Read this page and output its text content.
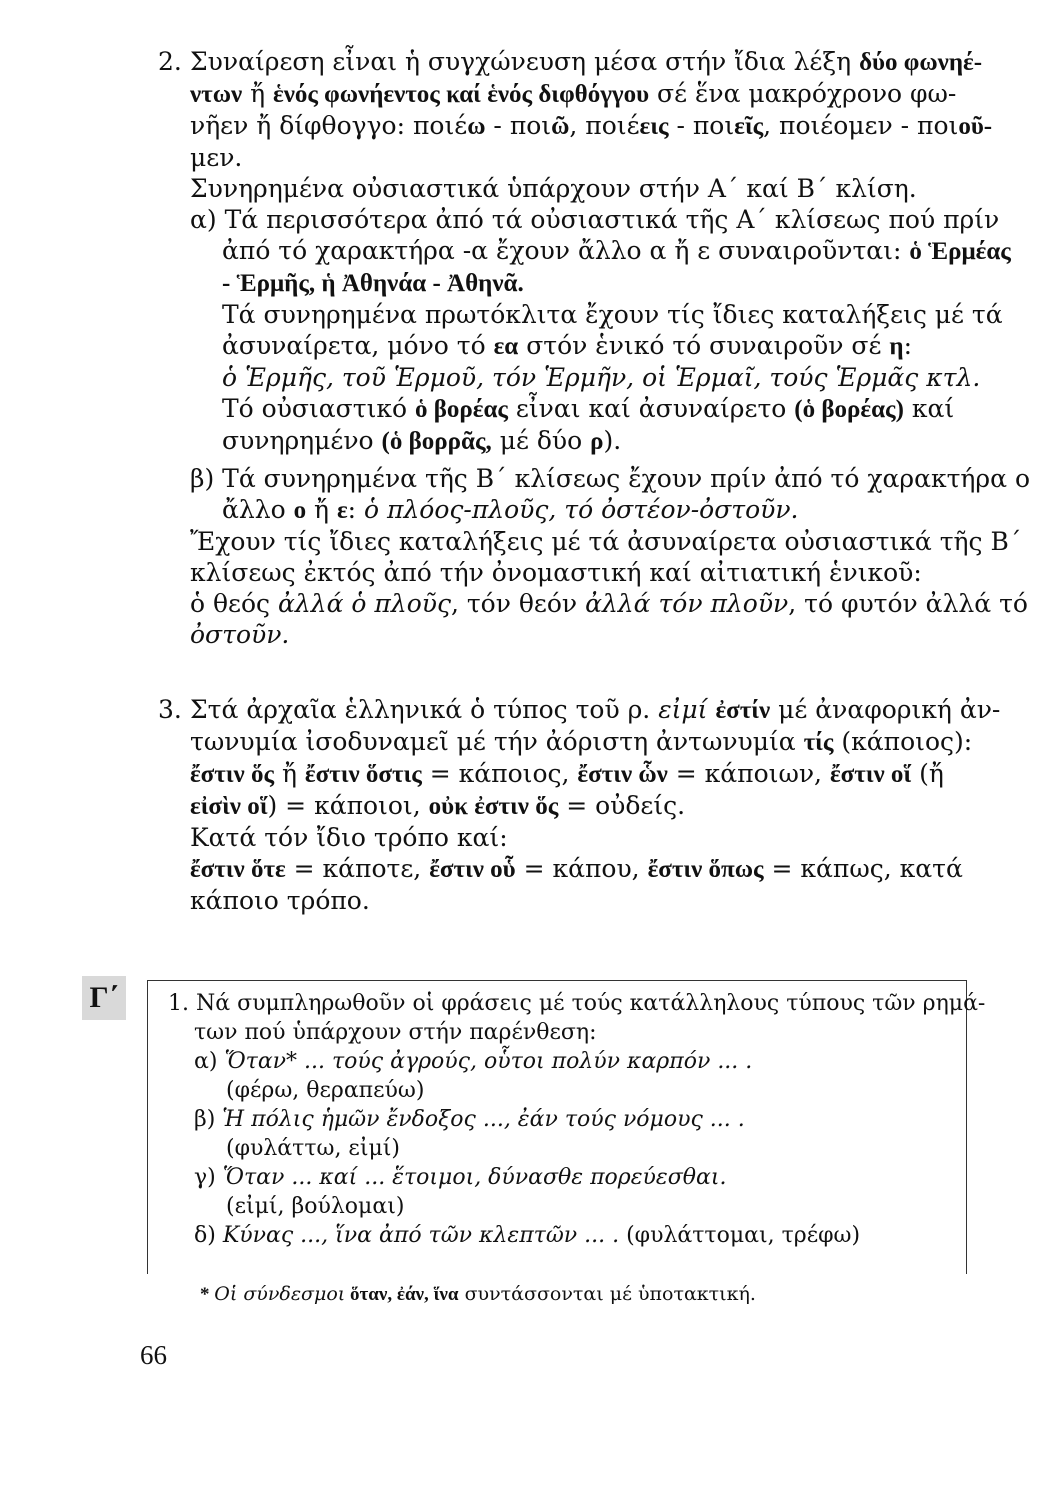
2. Συναίρεση εἶναι ἡ συγχώνευση μέσα στήν ἴδια λέξη δύο φωνηέ-
ντων ἤ ἑνός φωνήεντος καί ἑνός διφθόγγου σέ ἕνα μακρόχρονο φω-
νῆεν ἤ δίφθογγο: ποιέω - ποιῶ, ποιέεις - ποιεῖς, ποιέομεν - ποιοῦ-
μεν.
Συνηρημένα οὐσιαστικά ὑπάρχουν στήν Α΄ καί Β΄ κλίση.
α) Τά περισσότερα ἀπό τά οὐσιαστικά τῆς Α΄ κλίσεως πού πρίν
ἀπό τό χαρακτήρα -α ἔχουν ἄλλο α ἤ ε συναιροῦνται: ὁ Ἑρμέας
- Ἑρμῆς, ἡ Ἀθηνάα - Ἀθηνᾶ.
Τά συνηρημένα πρωτόκλιτα ἔχουν τίς ἴδιες καταλήξεις μέ τά
ἀσυναίρετα, μόνο τό εα στόν ἑνικό τό συναιροῦν σέ η:
ὁ Ἑρμῆς, τοῦ Ἑρμοῦ, τόν Ἑρμῆν, οἱ Ἑρμαῖ, τούς Ἑρμᾶς κτλ.
Τό οὐσιαστικό ὁ βορέας εἶναι καί ἀσυναίρετο (ὁ βορέας) καί
συνηρημένο (ὁ βορρᾶς, μέ δύο ρ).
β) Τά συνηρημένα τῆς Β΄ κλίσεως ἔχουν πρίν ἀπό τό χαρακτήρα ο
ἄλλο ο ἤ ε: ὁ πλόος-πλοῦς, τό ὀστέον-ὀστοῦν.
Ἔχουν τίς ἴδιες καταλήξεις μέ τά ἀσυναίρετα οὐσιαστικά τῆς Β΄
κλίσεως ἐκτός ἀπό τήν ὀνομαστική καί αἰτιατική ἑνικοῦ:
ὁ θεός ἀλλά ὁ πλοῦς, τόν θεόν ἀλλά τόν πλοῦν, τό φυτόν ἀλλά τό
ὀστοῦν.
3. Στά ἀρχαῖα ἑλληνικά ὁ τύπος τοῦ ρ. εἰμί ἐστίν μέ ἀναφορική ἀν-
τωνυμία ἰσοδυναμεῖ μέ τήν ἀόριστη ἀντωνυμία τίς (κάποιος):
ἔστιν ὅς ἤ ἔστιν ὅστις = κάποιος, ἔστιν ὧν = κάποιων, ἔστιν οἵ (ἤ
εἰσὶν οἵ) = κάποιοι, οὐκ ἐστιν ὅς = οὐδείς.
Κατά τόν ἴδιο τρόπο καί:
ἔστιν ὅτε = κάποτε, ἔστιν οὗ = κάπου, ἔστιν ὅπως = κάπως, κατά
κάποιο τρόπο.
Γ΄	1. Νά συμπληρωθοῦν οἱ φράσεις μέ τούς κατάλληλους τύπους τῶν ρημά-
των πού ὑπάρχουν στήν παρένθεση:
α) Ὅταν* ... τούς ἀγρούς, οὗτοι πολύν καρπόν ... .
(φέρω, θεραπεύω)
β) Ἡ πόλις ἡμῶν ἔνδοξος ..., ἐάν τούς νόμους ... .
(φυλάττω, εἰμί)
γ) Ὅταν ... καί ... ἕτοιμοι, δύνασθε πορεύεσθαι.
(εἰμί, βούλομαι)
δ) Κύνας ..., ἵνα ἀπό τῶν κλεπτῶν ... . (φυλάττομαι, τρέφω)
* Οἱ σύνδεσμοι ὅταν, ἐάν, ἵνα συντάσσονται μέ ὑποτακτική.
66
